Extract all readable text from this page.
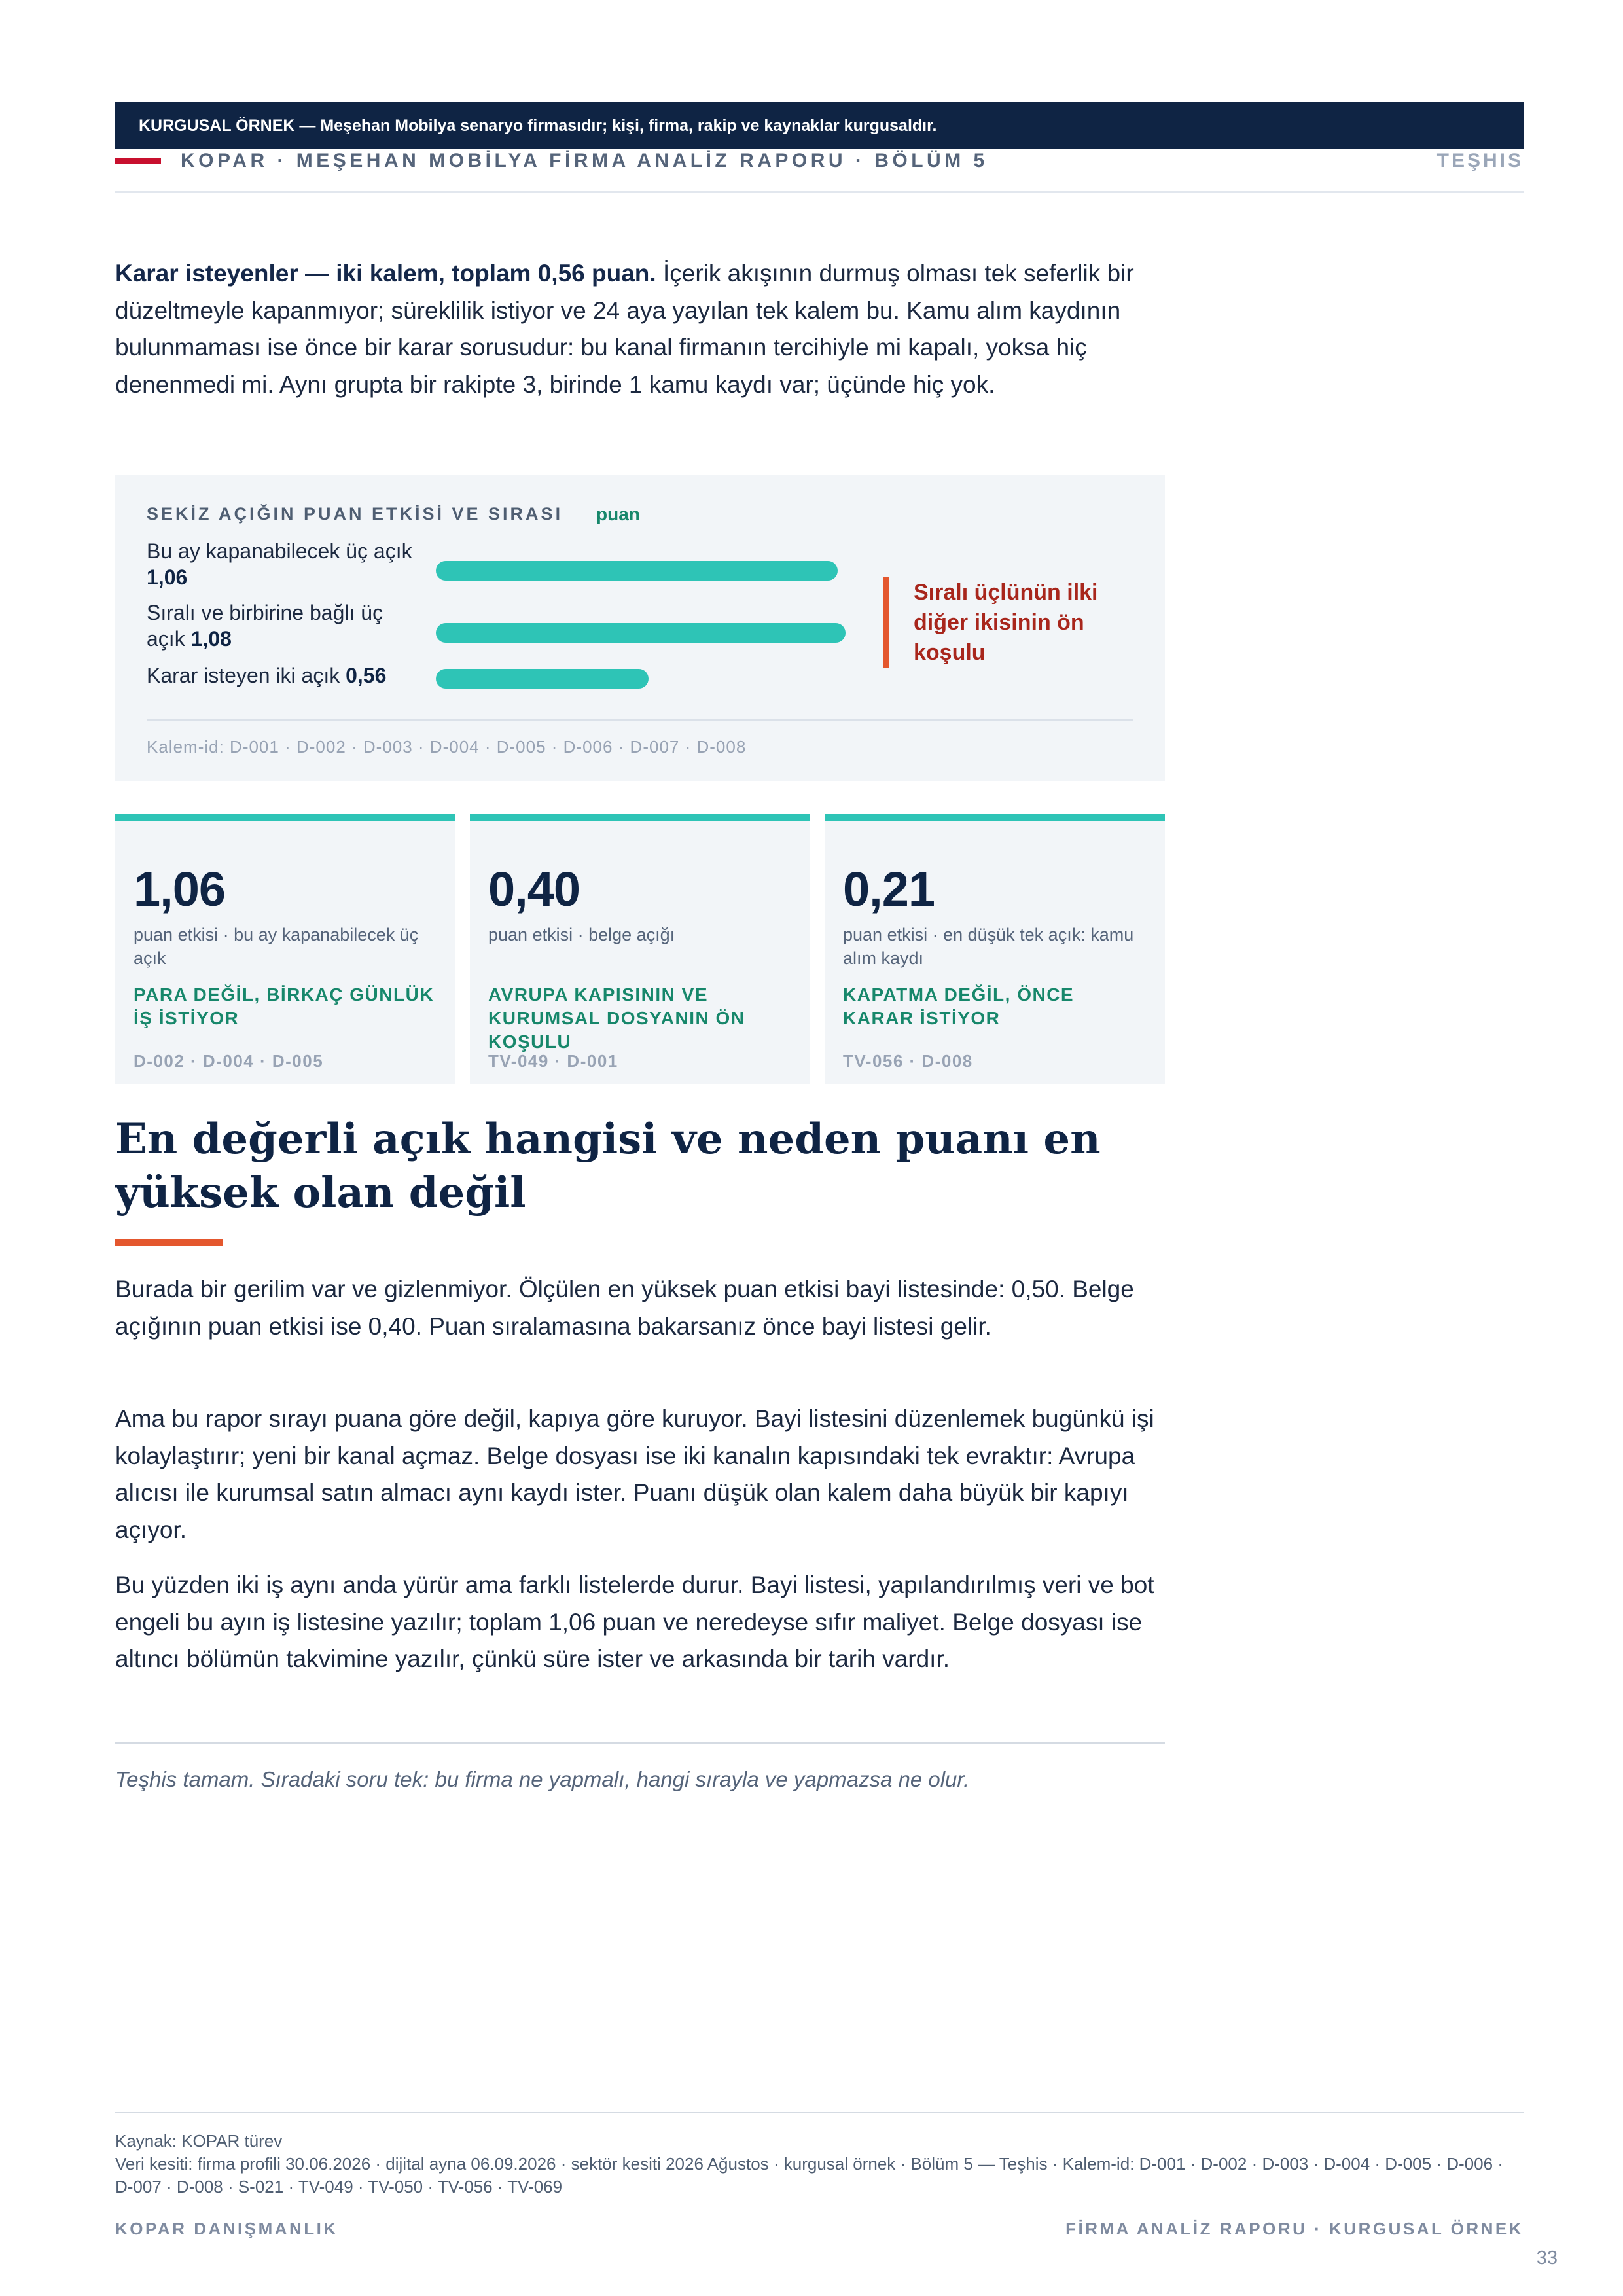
KURGUSAL ÖRNEK — Meşehan Mobilya senaryo firmasıdır; kişi, firma, rakip ve kaynaklar kurgusaldır.
KOPAR · MEŞEHAN MOBİLYA FİRMA ANALİZ RAPORU · BÖLÜM 5	TEŞHIS

Karar isteyenler — iki kalem, toplam 0,56 puan. İçerik akışının durmuş olması tek seferlik bir düzeltmeyle kapanmıyor; süreklilik istiyor ve 24 aya yayılan tek kalem bu. Kamu alım kaydının bulunmaması ise önce bir karar sorusudur: bu kanal firmanın tercihiyle mi kapalı, yoksa hiç denenmedi mi. Aynı grupta bir rakipte 3, birinde 1 kamu kaydı var; üçünde hiç yok.

SEKİZ AÇIĞIN PUAN ETKİSİ VE SIRASI puan
Bu ay kapanabilecek üç açık 1,06
Sıralı ve birbirine bağlı üç açık 1,08
Karar isteyen iki açık 0,56
Sıralı üçlünün ilki diğer ikisinin ön koşulu
Kalem-id: D-001 · D-002 · D-003 · D-004 · D-005 · D-006 · D-007 · D-008
1,06
puan etkisi · bu ay kapanabilecek üç açık
PARA DEĞİL, BİRKAÇ GÜNLÜK İŞ İSTİYOR
D-002 · D-004 · D-005
0,40
puan etkisi · belge açığı
AVRUPA KAPISININ VE KURUMSAL DOSYANIN ÖN KOŞULU
TV-049 · D-001
0,21
puan etkisi · en düşük tek açık: kamu alım kaydı
KAPATMA DEĞİL, ÖNCE KARAR İSTİYOR
TV-056 · D-008
En değerli açık hangisi ve neden puanı en yüksek olan değil

Burada bir gerilim var ve gizlenmiyor. Ölçülen en yüksek puan etkisi bayi listesinde: 0,50. Belge açığının puan etkisi ise 0,40. Puan sıralamasına bakarsanız önce bayi listesi gelir.

Ama bu rapor sırayı puana göre değil, kapıya göre kuruyor. Bayi listesini düzenlemek bugünkü işi kolaylaştırır; yeni bir kanal açmaz. Belge dosyası ise iki kanalın kapısındaki tek evraktır: Avrupa alıcısı ile kurumsal satın almacı aynı kaydı ister. Puanı düşük olan kalem daha büyük bir kapıyı açıyor.

Bu yüzden iki iş aynı anda yürür ama farklı listelerde durur. Bayi listesi, yapılandırılmış veri ve bot engeli bu ayın iş listesine yazılır; toplam 1,06 puan ve neredeyse sıfır maliyet. Belge dosyası ise altıncı bölümün takvimine yazılır, çünkü süre ister ve arkasında bir tarih vardır.

Teşhis tamam. Sıradaki soru tek: bu firma ne yapmalı, hangi sırayla ve yapmazsa ne olur.

Kaynak: KOPAR türev
Veri kesiti: firma profili 30.06.2026 · dijital ayna 06.09.2026 · sektör kesiti 2026 Ağustos · kurgusal örnek · Bölüm 5 — Teşhis · Kalem-id: D-001 · D-002 · D-003 · D-004 · D-005 · D-006 · D-007 · D-008 · S-021 · TV-049 · TV-050 · TV-056 · TV-069
KOPAR DANIŞMANLIK	FİRMA ANALİZ RAPORU · KURGUSAL ÖRNEK
33
